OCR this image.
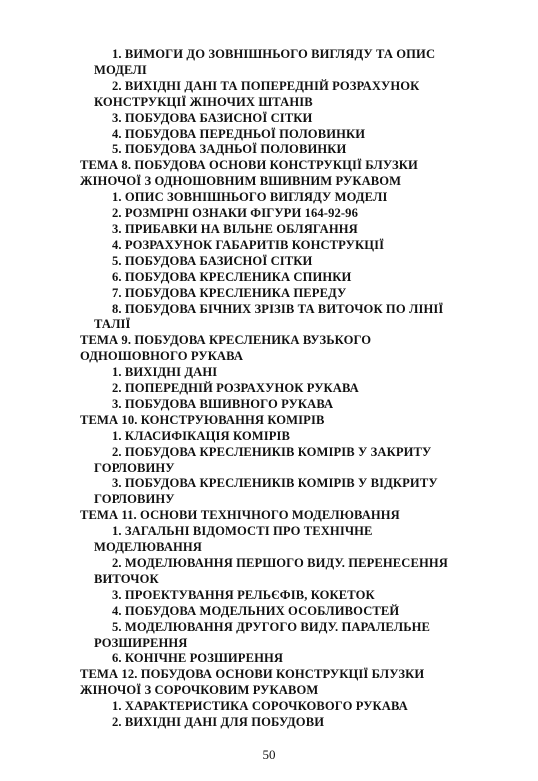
1. ВИМОГИ ДО ЗОВНІШНЬОГО ВИГЛЯДУ ТА ОПИС
МОДЕЛІ
2. ВИХІДНІ ДАНІ ТА ПОПЕРЕДНІЙ РОЗРАХУНОК
КОНСТРУКЦІЇ ЖІНОЧИХ ШТАНІВ
3. ПОБУДОВА БАЗИСНОЇ СІТКИ
4. ПОБУДОВА ПЕРЕДНЬОЇ ПОЛОВИНКИ
5. ПОБУДОВА ЗАДНЬОЇ ПОЛОВИНКИ
ТЕМА 8. ПОБУДОВА ОСНОВИ КОНСТРУКЦІЇ БЛУЗКИ
ЖІНОЧОЇ З ОДНОШОВНИМ ВШИВНИМ РУКАВОМ
1. ОПИС ЗОВНІШНЬОГО ВИГЛЯДУ МОДЕЛІ
2. РОЗМІРНІ ОЗНАКИ ФІГУРИ 164-92-96
3. ПРИБАВКИ НА ВІЛЬНЕ ОБЛЯГАННЯ
4. РОЗРАХУНОК ГАБАРИТІВ КОНСТРУКЦІЇ
5. ПОБУДОВА БАЗИСНОЇ СІТКИ
6. ПОБУДОВА КРЕСЛЕНИКА СПИНКИ
7. ПОБУДОВА КРЕСЛЕНИКА ПЕРЕДУ
8. ПОБУДОВА БІЧНИХ ЗРІЗІВ ТА ВИТОЧОК ПО ЛІНІЇ
ТАЛІЇ
ТЕМА 9. ПОБУДОВА КРЕСЛЕНИКА ВУЗЬКОГО
ОДНОШОВНОГО РУКАВА
1. ВИХІДНІ ДАНІ
2. ПОПЕРЕДНІЙ РОЗРАХУНОК РУКАВА
3. ПОБУДОВА ВШИВНОГО РУКАВА
ТЕМА 10. КОНСТРУЮВАННЯ КОМІРІВ
1. КЛАСИФІКАЦІЯ КОМІРІВ
2. ПОБУДОВА КРЕСЛЕНИКІВ КОМІРІВ У ЗАКРИТУ
ГОРЛОВИНУ
3. ПОБУДОВА КРЕСЛЕНИКІВ КОМІРІВ У ВІДКРИТУ
ГОРЛОВИНУ
ТЕМА 11. ОСНОВИ ТЕХНІЧНОГО МОДЕЛЮВАННЯ
1. ЗАГАЛЬНІ ВІДОМОСТІ ПРО ТЕХНІЧНЕ
МОДЕЛЮВАННЯ
2. МОДЕЛЮВАННЯ ПЕРШОГО ВИДУ. ПЕРЕНЕСЕННЯ
ВИТОЧОК
3. ПРОЕКТУВАННЯ РЕЛЬЄФІВ, КОКЕТОК
4. ПОБУДОВА МОДЕЛЬНИХ ОСОБЛИВОСТЕЙ
5. МОДЕЛЮВАННЯ ДРУГОГО ВИДУ. ПАРАЛЕЛЬНЕ
РОЗШИРЕННЯ
6. КОНІЧНЕ РОЗШИРЕННЯ
ТЕМА 12. ПОБУДОВА ОСНОВИ КОНСТРУКЦІЇ БЛУЗКИ
ЖІНОЧОЇ З СОРОЧКОВИМ РУКАВОМ
1. ХАРАКТЕРИСТИКА СОРОЧКОВОГО РУКАВА
2. ВИХІДНІ ДАНІ ДЛЯ ПОБУДОВИ
50
